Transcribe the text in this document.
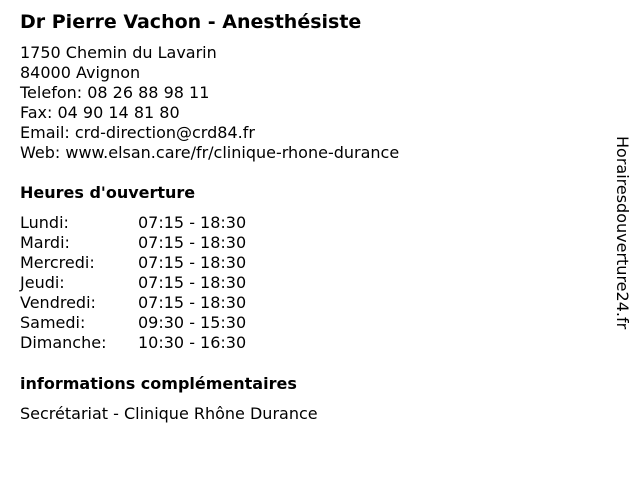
Dr Pierre Vachon - Anesthésiste
1750 Chemin du Lavarin
84000 Avignon
Telefon: 08 26 88 98 11
Fax: 04 90 14 81 80
Email: crd-direction@crd84.fr
Web: www.elsan.care/fr/clinique-rhone-durance
Heures d'ouverture
Lundi:	07:15 - 18:30
Mardi:	07:15 - 18:30
Mercredi:	07:15 - 18:30
Jeudi:	07:15 - 18:30
Vendredi:	07:15 - 18:30
Samedi:	09:30 - 15:30
Dimanche: 10:30 - 16:30
informations complémentaires
Secrétariat - Clinique Rhône Durance
Horairesdouverture24.fr
